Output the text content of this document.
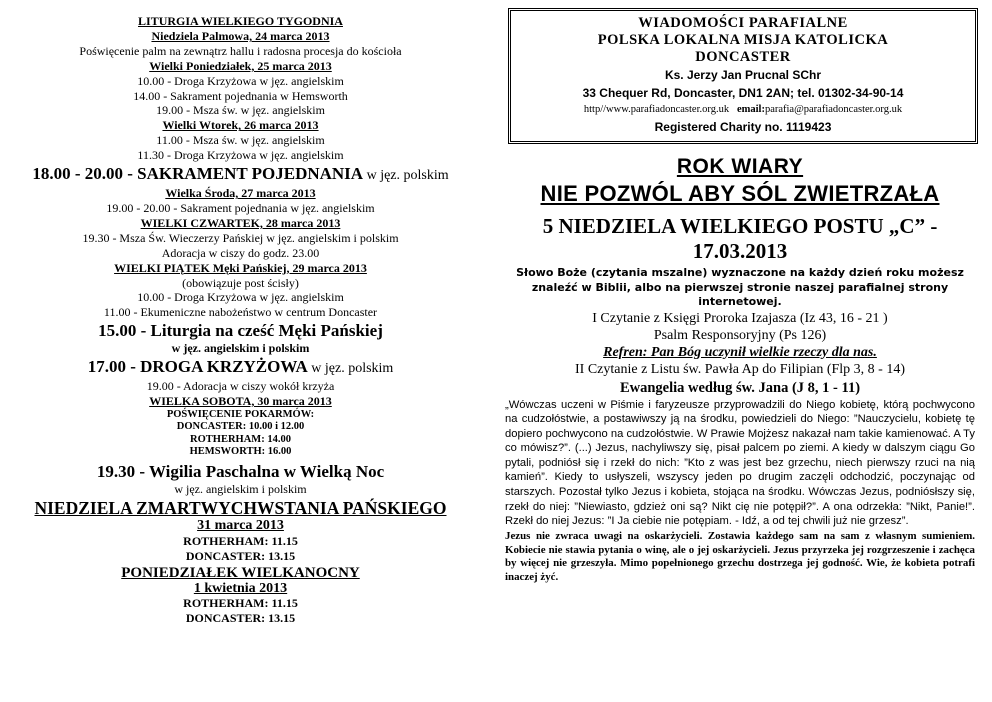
LITURGIA WIELKIEGO TYGODNIA
Niedziela Palmowa, 24 marca 2013
Poświęcenie palm na zewnątrz hallu i radosna procesja do kościoła
Wielki Poniedziałek, 25 marca 2013
10.00 - Droga Krzyżowa w jęz. angielskim
14.00 - Sakrament pojednania w Hemsworth
19.00 - Msza św. w jęz. angielskim
Wielki Wtorek, 26 marca 2013
11.00 - Msza św. w jęz. angielskim
11.30 - Droga Krzyżowa w jęz. angielskim
18.00 - 20.00 - SAKRAMENT POJEDNANIA w jęz. polskim
Wielka Środa, 27 marca 2013
19.00 - 20.00 - Sakrament pojednania w jęz. angielskim
WIELKI CZWARTEK, 28 marca 2013
19.30 - Msza Św. Wieczerzy Pańskiej w jęz. angielskim i polskim
Adoracja w ciszy do godz. 23.00
WIELKI PIĄTEK Męki Pańskiej, 29 marca 2013
(obowiązuje post ścisły)
10.00 - Droga Krzyżowa w jęz. angielskim
11.00 - Ekumeniczne nabożeństwo w centrum Doncaster
15.00 - Liturgia na cześć Męki Pańskiej
w jęz. angielskim i polskim
17.00 - DROGA KRZYŻOWA w jęz. polskim
19.00 - Adoracja w ciszy wokół krzyża
WIELKA SOBOTA, 30 marca 2013
POŚWIĘCENIE POKARMÓW:
DONCASTER: 10.00 i 12.00
ROTHERHAM: 14.00
HEMSWORTH: 16.00
19.30 - Wigilia Paschalna w Wielką Noc
w jęz. angielskim i polskim
NIEDZIELA ZMARTWYCHWSTANIA PAŃSKIEGO
31 marca 2013
ROTHERHAM: 11.15
DONCASTER: 13.15
PONIEDZIAŁEK WIELKANOCNY
1 kwietnia 2013
ROTHERHAM: 11.15
DONCASTER: 13.15
WIADOMOŚCI PARAFIALNE
POLSKA LOKALNA MISJA KATOLICKA
DONCASTER
Ks. Jerzy Jan Prucnal SChr
33 Chequer Rd, Doncaster, DN1 2AN; tel. 01302-34-90-14
http//www.parafiadoncaster.org.uk email:parafia@parafiadoncaster.org.uk
Registered Charity no. 1119423
ROK WIARY
NIE POZWÓL ABY SÓL ZWIETRZAŁA
5 NIEDZIELA WIELKIEGO POSTU „C” - 17.03.2013
Słowo Boże (czytania mszalne) wyznaczone na każdy dzień roku możesz znaleźć w Biblii, albo na pierwszej stronie naszej parafialnej strony internetowej.
I Czytanie z Księgi Proroka Izajasza (Iz 43, 16 - 21 )
Psalm Responsoryjny (Ps 126)
Refren: Pan Bóg uczynił wielkie rzeczy dla nas.
II Czytanie z Listu św. Pawła Ap do Filipian (Flp 3, 8 - 14)
Ewangelia według św. Jana (J 8, 1 - 11)
„Wówczas uczeni w Piśmie i faryzeusze przyprowadzili do Niego kobietę, którą pochwycono na cudzołóstwie, a postawiwszy ją na środku, powiedzieli do Niego: ”Nauczycielu, kobietę tę dopiero pochwycono na cudzołóstwie. W Prawie Mojżesz nakazał nam takie kamienować. A Ty co mówisz?”. (...) Jezus, nachyliwszy się, pisał palcem po ziemi. A kiedy w dalszym ciągu Go pytali, podniósł się i rzekł do nich: ”Kto z was jest bez grzechu, niech pierwszy rzuci na nią kamień”. Kiedy to usłyszeli, wszyscy jeden po drugim zaczęli odchodzić, poczynając od starszych. Pozostał tylko Jezus i kobieta, stojąca na środku. Wówczas Jezus, podniósłszy się, rzekł do niej: ”Niewiasto, gdzież oni są? Nikt cię nie potępił?”. A ona odrzekła: ”Nikt, Panie!”. Rzekł do niej Jezus: ”I Ja ciebie nie potępiam. - Idź, a od tej chwili już nie grzesz”.
Jezus nie zwraca uwagi na oskarżycieli. Zostawia każdego sam na sam z własnym sumieniem. Kobiecie nie stawia pytania o winę, ale o jej oskarżycieli. Jezus przyrzeka jej rozgrzeszenie i zachęca by więcej nie grzeszyła. Mimo popełnionego grzechu dostrzega jej godność. Wie, że kobieta potrafi inaczej żyć.
